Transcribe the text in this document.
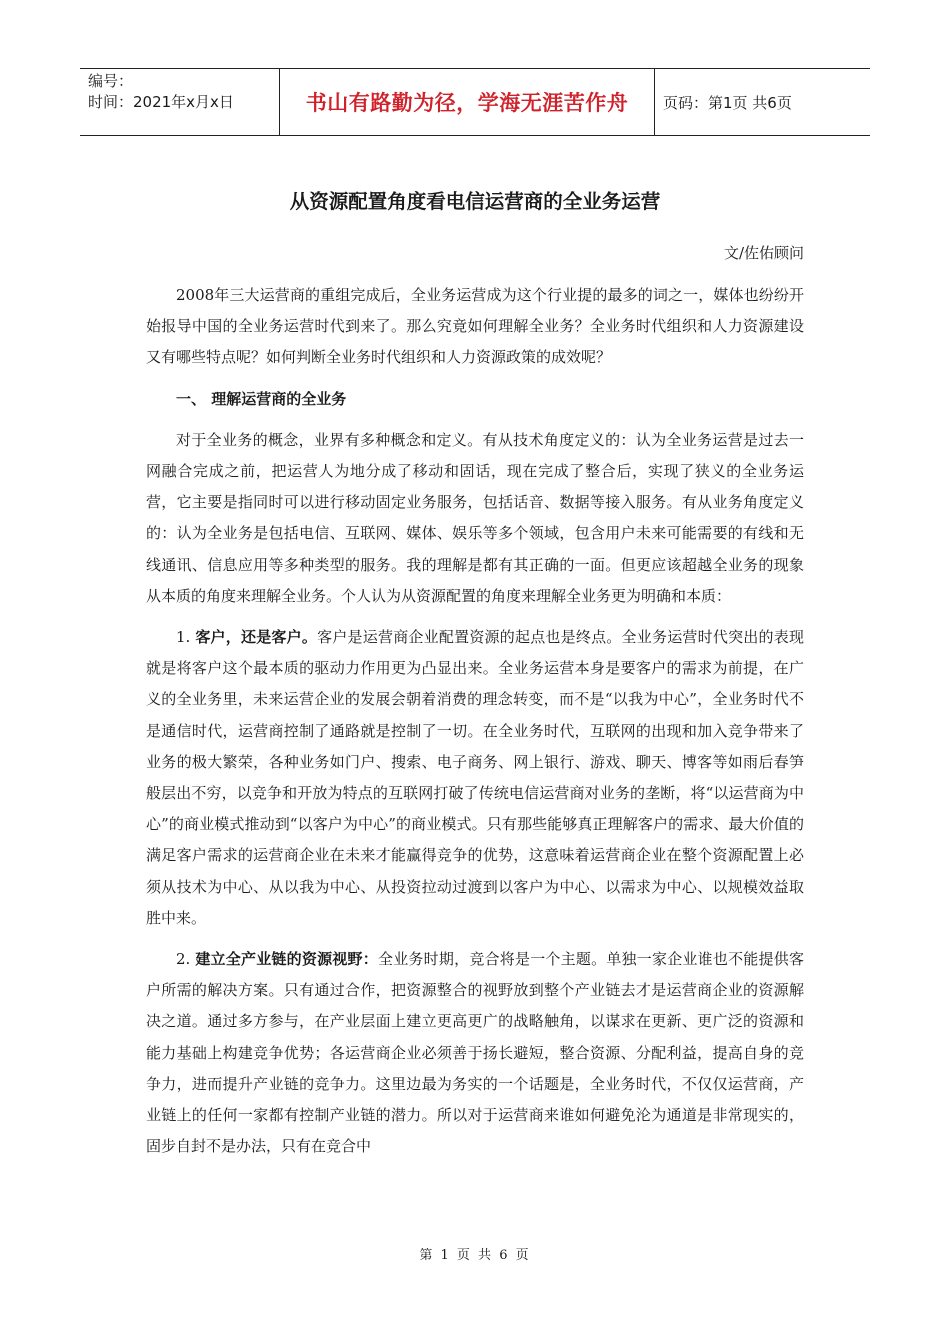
编号：
时间：2021年x月x日	书山有路勤为径，学海无涯苦作舟	页码：第1页 共6页
从资源配置角度看电信运营商的全业务运营
文/佐佑顾问

2008年三大运营商的重组完成后，全业务运营成为这个行业提的最多的词之一，媒体也纷纷开始报导中国的全业务运营时代到来了。那么究竟如何理解全业务？全业务时代组织和人力资源建设又有哪些特点呢？如何判断全业务时代组织和人力资源政策的成效呢？

一、 理解运营商的全业务

对于全业务的概念，业界有多种概念和定义。有从技术角度定义的：认为全业务运营是过去一网融合完成之前，把运营人为地分成了移动和固话，现在完成了整合后，实现了狭义的全业务运营，它主要是指同时可以进行移动固定业务服务，包括话音、数据等接入服务。有从业务角度定义的：认为全业务是包括电信、互联网、媒体、娱乐等多个领域，包含用户未来可能需要的有线和无线通讯、信息应用等多种类型的服务。我的理解是都有其正确的一面。但更应该超越全业务的现象从本质的角度来理解全业务。个人认为从资源配置的角度来理解全业务更为明确和本质：

1. 客户，还是客户。客户是运营商企业配置资源的起点也是终点。全业务运营时代突出的表现就是将客户这个最本质的驱动力作用更为凸显出来。全业务运营本身是要客户的需求为前提，在广义的全业务里，未来运营企业的发展会朝着消费的理念转变，而不是“以我为中心”，全业务时代不是通信时代，运营商控制了通路就是控制了一切。在全业务时代，互联网的出现和加入竞争带来了业务的极大繁荣，各种业务如门户、搜索、电子商务、网上银行、游戏、聊天、博客等如雨后春笋般层出不穷，以竞争和开放为特点的互联网打破了传统电信运营商对业务的垄断，将“以运营商为中心”的商业模式推动到“以客户为中心”的商业模式。只有那些能够真正理解客户的需求、最大价值的满足客户需求的运营商企业在未来才能赢得竞争的优势，这意味着运营商企业在整个资源配置上必须从技术为中心、从以我为中心、从投资拉动过渡到以客户为中心、以需求为中心、以规模效益取胜中来。

2. 建立全产业链的资源视野：全业务时期，竞合将是一个主题。单独一家企业谁也不能提供客户所需的解决方案。只有通过合作，把资源整合的视野放到整个产业链去才是运营商企业的资源解决之道。通过多方参与，在产业层面上建立更高更广的战略触角，以谋求在更新、更广泛的资源和能力基础上构建竞争优势；各运营商企业必须善于扬长避短，整合资源、分配利益，提高自身的竞争力，进而提升产业链的竞争力。这里边最为务实的一个话题是，全业务时代，不仅仅运营商，产业链上的任何一家都有控制产业链的潜力。所以对于运营商来谁如何避免沦为通道是非常现实的，固步自封不是办法，只有在竞合中

第 1 页 共 6 页
